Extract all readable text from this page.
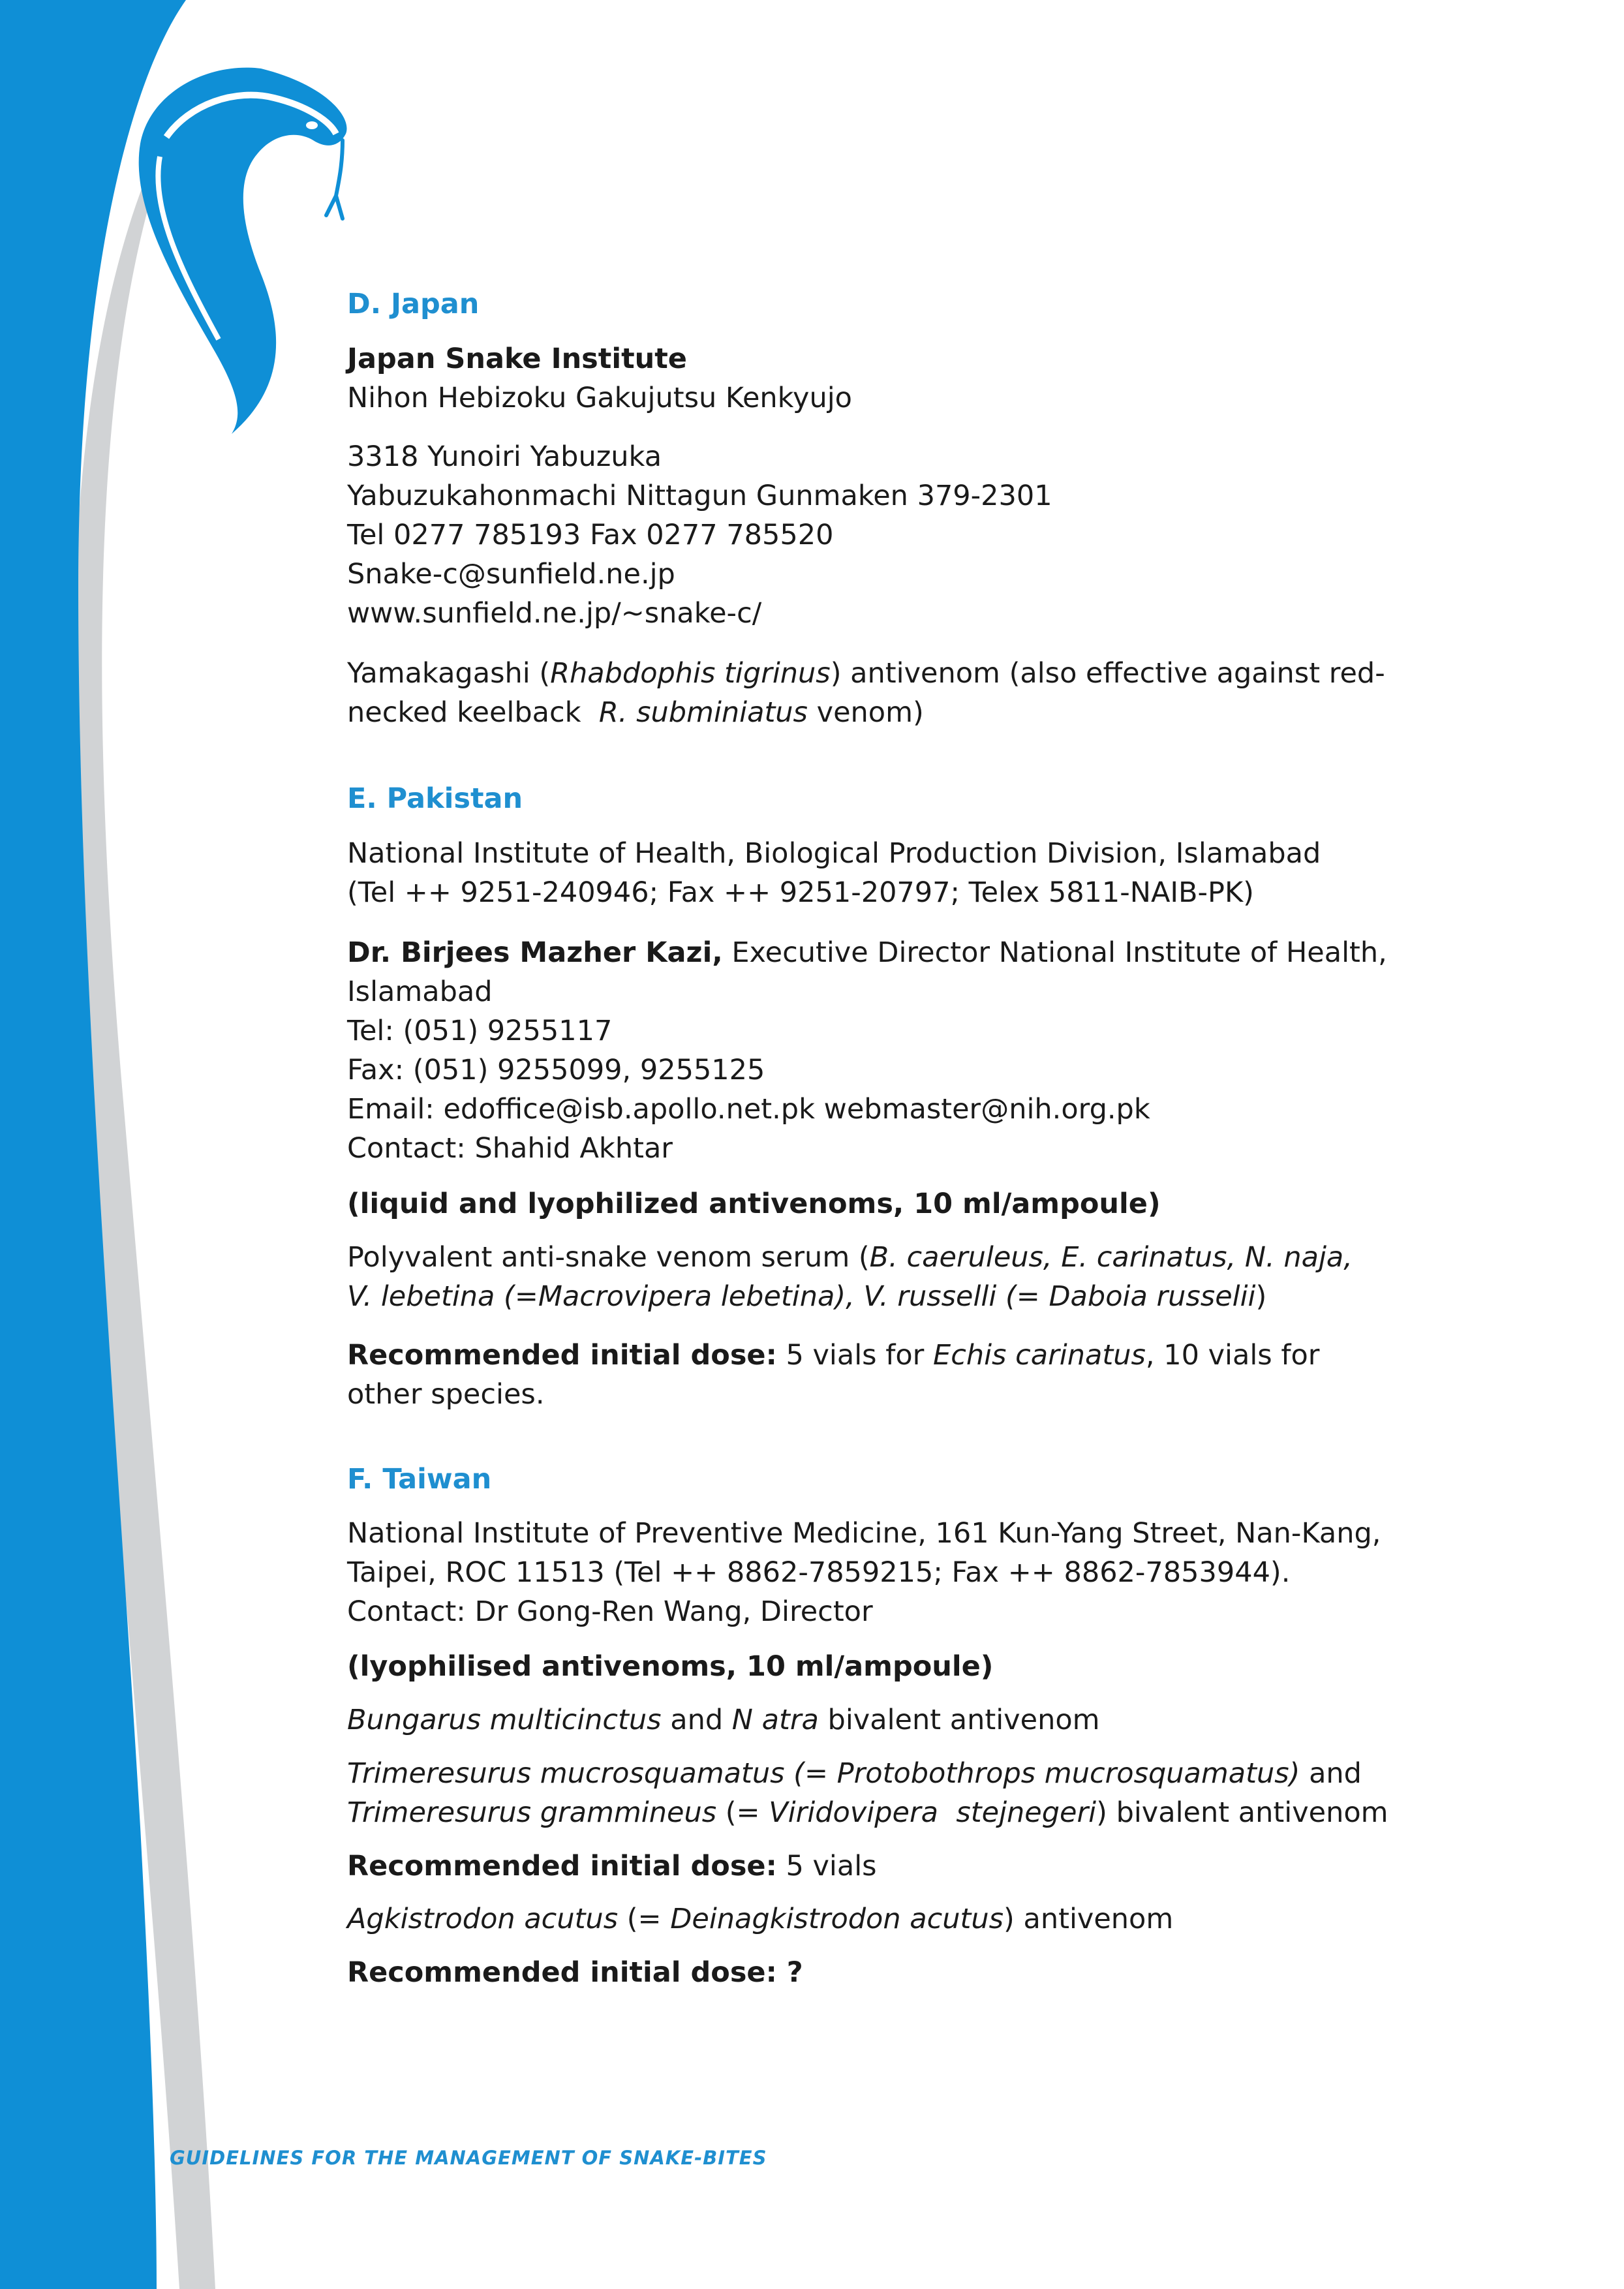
D. Japan

Japan Snake Institute

Nihon Hebizoku Gakujutsu Kenkyujo

3318 Yunoiri Yabuzuka

Yabuzukahonmachi Nittagun Gunmaken 379-2301

Tel 0277 785193 Fax 0277 785520

Snake-c@sunfield.ne.jp

www.sunfield.ne.jp/~snake-c/

Yamakagashi (Rhabdophis tigrinus) antivenom (also effective against red-

necked keelback  R. subminiatus venom)

E. Pakistan

National Institute of Health, Biological Production Division, Islamabad

(Tel ++ 9251-240946; Fax ++ 9251-20797; Telex 5811-NAIB-PK)

Dr. Birjees Mazher Kazi, Executive Director National Institute of Health,

Islamabad

Tel: (051) 9255117

Fax: (051) 9255099, 9255125

Email: edoffice@isb.apollo.net.pk webmaster@nih.org.pk

Contact: Shahid Akhtar

(liquid and lyophilized antivenoms, 10 ml/ampoule)

Polyvalent anti-snake venom serum (B. caeruleus, E. carinatus, N. naja,

V. lebetina (=Macrovipera lebetina), V. russelli (= Daboia russelii)

Recommended initial dose: 5 vials for Echis carinatus, 10 vials for

other species.

F. Taiwan

National Institute of Preventive Medicine, 161 Kun-Yang Street, Nan-Kang,

Taipei, ROC 11513 (Tel ++ 8862-7859215; Fax ++ 8862-7853944).

Contact: Dr Gong-Ren Wang, Director

(lyophilised antivenoms, 10 ml/ampoule)

Bungarus multicinctus and N atra bivalent antivenom

Trimeresurus mucrosquamatus (= Protobothrops mucrosquamatus) and

Trimeresurus grammineus (= Viridovipera  stejnegeri) bivalent antivenom

Recommended initial dose: 5 vials

Agkistrodon acutus (= Deinagkistrodon acutus) antivenom

Recommended initial dose: ?

GUIDELINES FOR THE MANAGEMENT OF SNAKE-BITES
